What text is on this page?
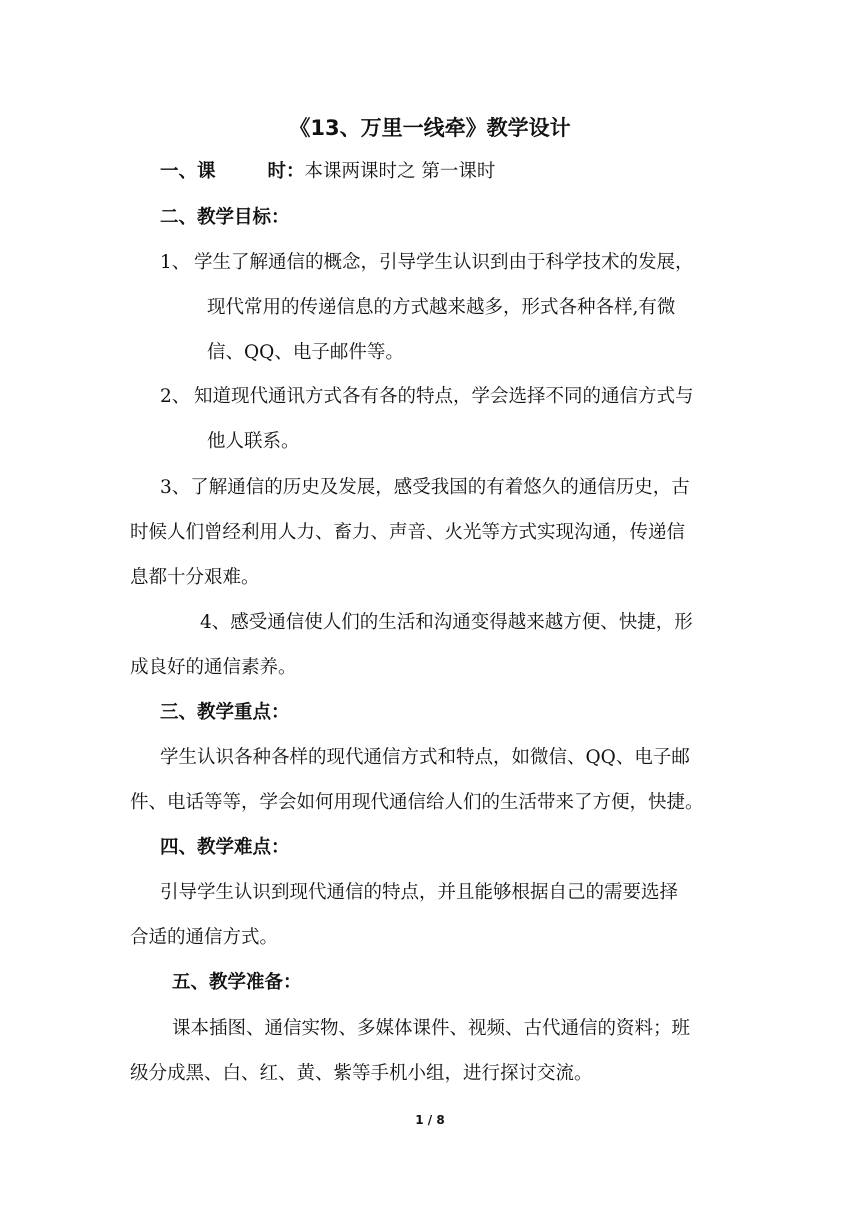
《13、万里一线牵》教学设计
一、课	时：本课两课时之 第一课时
二、教学目标：
1、 学生了解通信的概念，引导学生认识到由于科学技术的发展，
现代常用的传递信息的方式越来越多，形式各种各样,有微
信、QQ、电子邮件等。
2、 知道现代通讯方式各有各的特点，学会选择不同的通信方式与
他人联系。
3、了解通信的历史及发展，感受我国的有着悠久的通信历史，古
时候人们曾经利用人力、畜力、声音、火光等方式实现沟通，传递信
息都十分艰难。
4、感受通信使人们的生活和沟通变得越来越方便、快捷，形
成良好的通信素养。
三、教学重点：
学生认识各种各样的现代通信方式和特点，如微信、QQ、电子邮
件、电话等等，学会如何用现代通信给人们的生活带来了方便，快捷。
四、教学难点：
引导学生认识到现代通信的特点，并且能够根据自己的需要选择
合适的通信方式。
五、教学准备：
课本插图、通信实物、多媒体课件、视频、古代通信的资料；班
级分成黑、白、红、黄、紫等手机小组，进行探讨交流。
1 / 8
